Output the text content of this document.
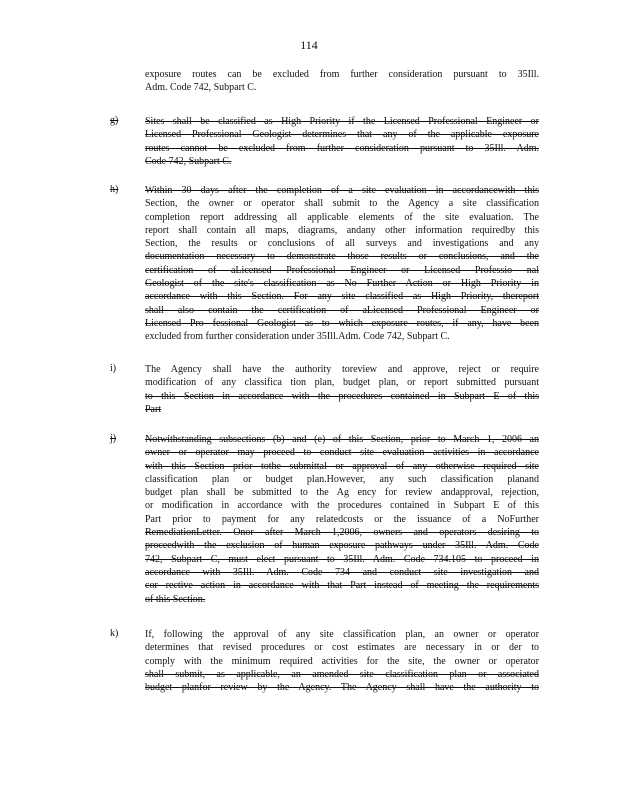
114
exposure routes can be excluded from further consideration pursuant to 35Ill.
Adm. Code 742, Subpart C.
g)	Sites shall be classified as High Priority if the Licensed Professional Engineer or
Licensed Professional Geologist determines that any of the applicable exposure
routes cannot be excluded from further consideration pursuant to 35Ill. Adm.
Code 742, Subpart C.
h)	Within 30 days after the completion of a site evaluation in accordancewith this
Section, the owner or operator shall submit to the Agency a site classification
completion report addressing all applicable elements of the site evaluation. The
report shall contain all maps, diagrams, andany other information requiredby this
Section, the results or conclusions of all surveys and investigations and any
documentation necessary to demonstrate those results or conclusions, and the
certification of aLicensed Professional Engineer or Licensed Professio nal
Geologist of the site's classification as No Further Action or High Priority in
accordance with this Section. For any site classified as High Priority, thereport
shall also contain the certification of aLicensed Professional Engineer or
Licensed Pro fessional Geologist as to which exposure routes, if any, have been
excluded from further consideration under 35Ill.Adm. Code 742, Subpart C.
i)	The Agency shall have the authority toreview and approve, reject or require
modification of any classifica tion plan, budget plan, or report submitted pursuant
to this Section in accordance with the procedures contained in Subpart E of this
Part
j)	Notwithstanding subsections (b) and (e) of this Section, prior to March 1, 2006 an
owner or operator may proceed to conduct site evaluation activities in accordance
with this Section prior tothe submittal or approval of any otherwise required site
classification plan or budget plan.However, any such classification planand
budget plan shall be submitted to the Ag ency for review andapproval, rejection,
or modification in accordance with the procedures contained in Subpart E of this
Part prior to payment for any relatedcosts or the issuance of a NoFurther
RemediationLetter. Onor after March 1,2006, owners and operators desiring to
proceedwith the exclusion of human exposure pathways under 35Ill. Adm. Code
742, Subpart C, must elect pursuant to 35Ill. Adm. Code 734.105 to proceed in
accordance with 35Ill. Adm. Code 734 and conduct site investigation and
cor rective action in accordance with that Part instead of meeting the requirements
of this Section.
k)	If, following the approval of any site classification plan, an owner or operator
determines that revised procedures or cost estimates are necessary in or der to
comply with the minimum required activities for the site, the owner or operator
shall submit, as applicable, an amended site classification plan or associated
budget planfor review by the Agency. The Agency shall have the authority to
